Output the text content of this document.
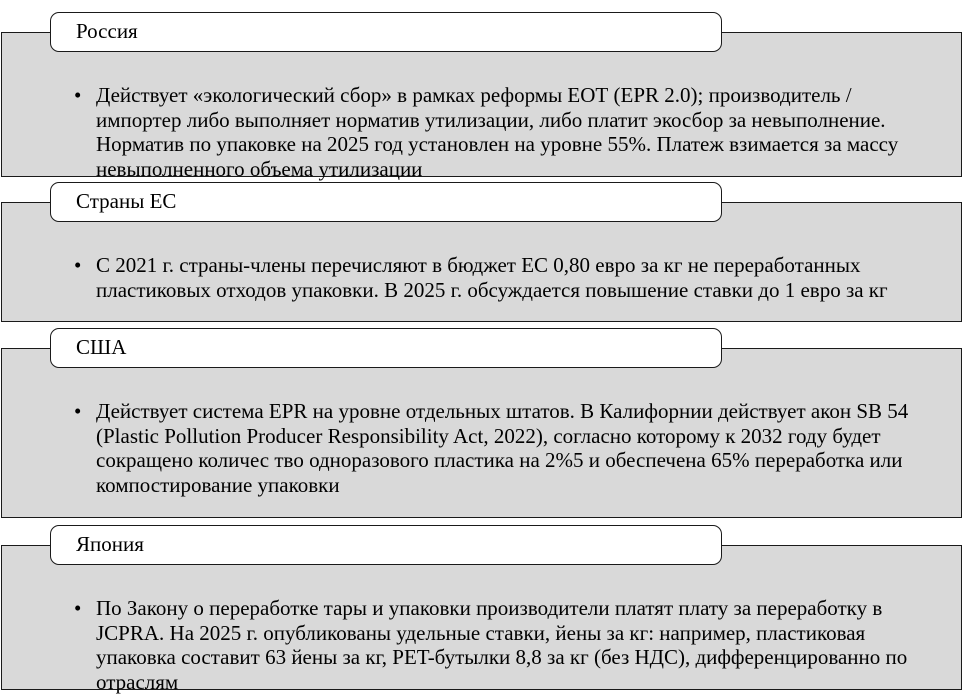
• Действует «экологический сбор» в рамках реформы ЕОТ (EPR 2.0); производитель / импортер либо выполняет норматив утилизации, либо платит экосбор за невыполнение. Норматив по упаковке на 2025 год установлен на уровне 55%. Платеж взимается за массу невыполненного объема утилизации
Россия
• С 2021 г. страны-члены перечисляют в бюджет ЕС 0,80 евро за кг не переработанных пластиковых отходов упаковки. В 2025 г. обсуждается повышение ставки до 1 евро за кг
Страны ЕС
• Действует система EPR на уровне отдельных штатов. В Калифорнии действует акон SB 54 (Plastic Pollution Producer Responsibility Act, 2022), согласно которому к 2032 году будет сокращено количес тво одноразового пластика на 2%5 и обеспечена 65% переработка или компостирование упаковки
США
• По Закону о переработке тары и упаковки производители платят плату за переработку в JCPRA. На 2025 г. опубликованы удельные ставки, йены за кг: например, пластиковая упаковка составит 63 йены за кг, PET-бутылки 8,8 за кг (без НДС), дифференцированно по отраслям
Япония
